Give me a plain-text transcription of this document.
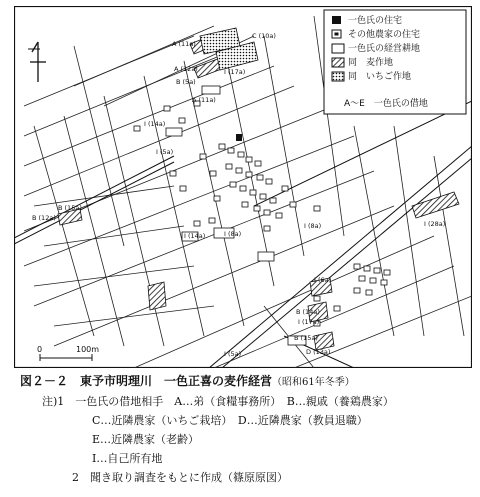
一色氏の住宅
その他農家の住宅
一色氏の経営耕地
同　麦作地
同　いちご作地
A～E　一色氏の借地
A (11a)
A (12a)
C (10a)
I (17a)
A (11a)
B (5a)
B (15a)
B (12a)
I (14a)
I (8a)
I (14a)
I (5a)
I (8a)
I (28a)
I (6a)
B (14a)
I (17a)
B (15a)
D (13a)
I (5a)
0	100m
図２－２　東予市明理川　一色正喜の麦作経営（昭和61年冬季）
注)1　一色氏の借地相手　A…弟（食糧事務所）　B…親戚（養鶏農家）
C…近隣農家（いちご栽培）　D…近隣農家（教員退職）
E…近隣農家（老齢）
I…自己所有地
2　聞き取り調査をもとに作成（篠原原図）
